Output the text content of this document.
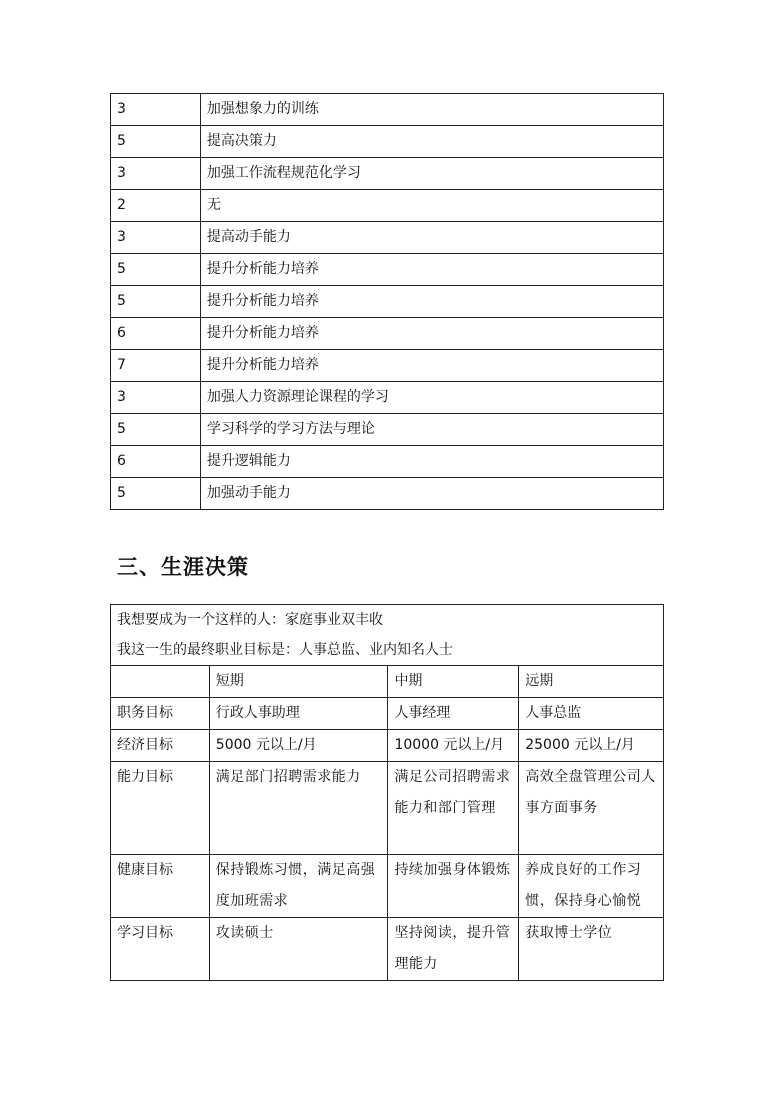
3	加强想象力的训练
5	提高决策力
3	加强工作流程规范化学习
2	无
3	提高动手能力
5	提升分析能力培养
5	提升分析能力培养
6	提升分析能力培养
7	提升分析能力培养
3	加强人力资源理论课程的学习
5	学习科学的学习方法与理论
6	提升逻辑能力
5	加强动手能力
三、生涯决策
我想要成为一个这样的人：家庭事业双丰收
我这一生的最终职业目标是：人事总监、业内知名人士			

	短期	中期	远期
职务目标	行政人事助理	人事经理	人事总监
经济目标	5000 元以上/月	10000 元以上/月	25000 元以上/月
能力目标	满足部门招聘需求能力	满足公司招聘需求能力和部门管理	高效全盘管理公司人事方面事务
健康目标	保持锻炼习惯，满足高强度加班需求	持续加强身体锻炼	养成良好的工作习惯，保持身心愉悦
学习目标	攻读硕士	坚持阅读，提升管理能力	获取博士学位
